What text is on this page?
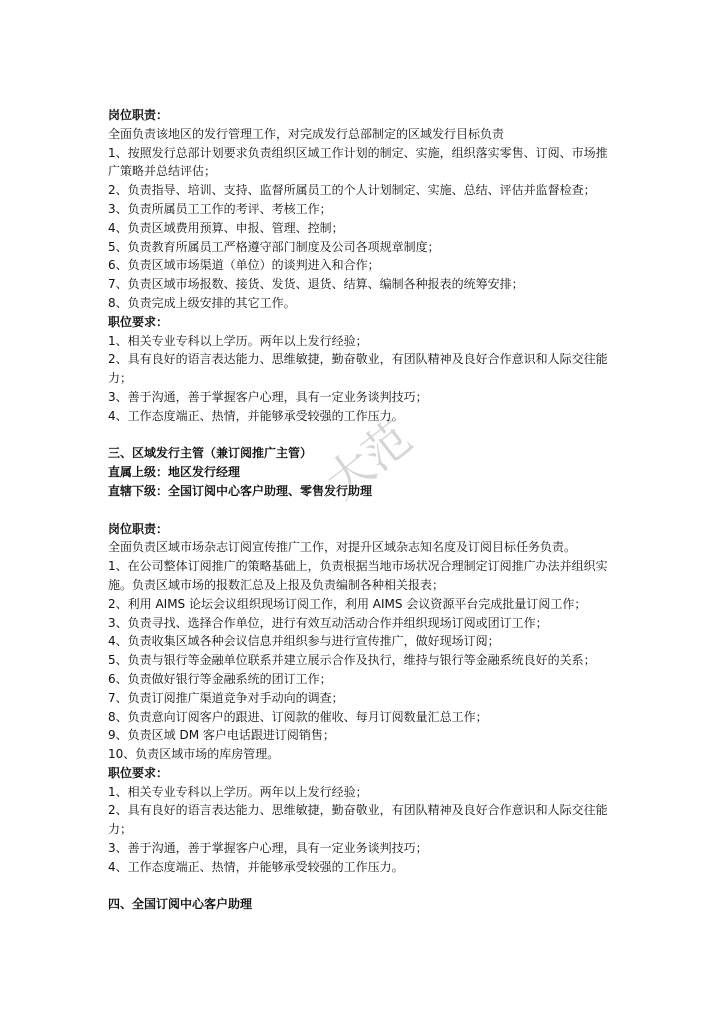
大范

岗位职责：

全面负责该地区的发行管理工作，对完成发行总部制定的区域发行目标负责

1、按照发行总部计划要求负责组织区域工作计划的制定、实施，组织落实零售、订阅、市场推广策略并总结评估；

2、负责指导、培训、支持、监督所属员工的个人计划制定、实施、总结、评估并监督检查；

3、负责所属员工工作的考评、考核工作；

4、负责区域费用预算、申报、管理、控制；

5、负责教育所属员工严格遵守部门制度及公司各项规章制度；

6、负责区域市场渠道（单位）的谈判进入和合作；

7、负责区域市场报数、接货、发货、退货、结算、编制各种报表的统筹安排；

8、负责完成上级安排的其它工作。

职位要求：

1、相关专业专科以上学历。两年以上发行经验；

2、具有良好的语言表达能力、思维敏捷，勤奋敬业，有团队精神及良好合作意识和人际交往能力；

3、善于沟通，善于掌握客户心理，具有一定业务谈判技巧；

4、工作态度端正、热情，并能够承受较强的工作压力。

三、区域发行主管（兼订阅推广主管）

直属上级：地区发行经理

直辖下级：全国订阅中心客户助理、零售发行助理

岗位职责：

全面负责区域市场杂志订阅宣传推广工作，对提升区域杂志知名度及订阅目标任务负责。

1、在公司整体订阅推广的策略基础上，负责根据当地市场状况合理制定订阅推广办法并组织实施。负责区域市场的报数汇总及上报及负责编制各种相关报表；

2、利用 AIMS 论坛会议组织现场订阅工作，利用 AIMS 会议资源平台完成批量订阅工作；

3、负责寻找、选择合作单位，进行有效互动活动合作并组织现场订阅或团订工作；

4、负责收集区域各种会议信息并组织参与进行宣传推广，做好现场订阅；

5、负责与银行等金融单位联系并建立展示合作及执行，维持与银行等金融系统良好的关系；

6、负责做好银行等金融系统的团订工作；

7、负责订阅推广渠道竞争对手动向的调查；

8、负责意向订阅客户的跟进、订阅款的催收、每月订阅数量汇总工作；

9、负责区域 DM 客户电话跟进订阅销售；

10、负责区域市场的库房管理。

职位要求：

1、相关专业专科以上学历。两年以上发行经验；

2、具有良好的语言表达能力、思维敏捷，勤奋敬业，有团队精神及良好合作意识和人际交往能力；

3、善于沟通，善于掌握客户心理，具有一定业务谈判技巧；

4、工作态度端正、热情，并能够承受较强的工作压力。

四、全国订阅中心客户助理
